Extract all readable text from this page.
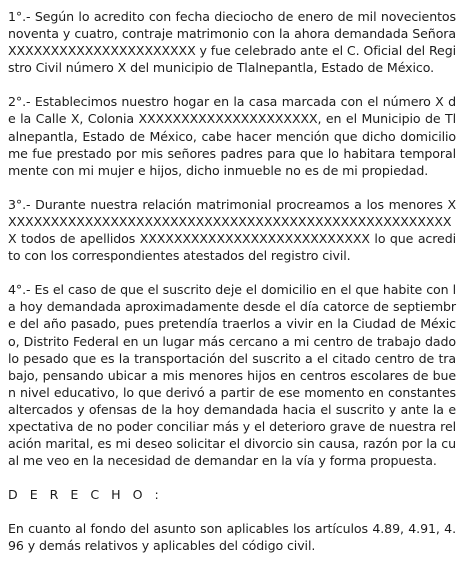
1°.- Según lo acredito con fecha dieciocho de enero de mil novecientos noventa y cuatro, contraje matrimonio con la ahora demandada Señora XXXXXXXXXXXXXXXXXXXXXX y fue celebrado ante el C. Oficial del Registro Civil número X del municipio de Tlalnepantla, Estado de México.

2°.- Establecimos nuestro hogar en la casa marcada con el número X de la Calle X, Colonia XXXXXXXXXXXXXXXXXXXXX, en el Municipio de Tlalnepantla, Estado de México, cabe hacer mención que dicho domicilio me fue prestado por mis señores padres para que lo habitara temporalmente con mi mujer e hijos, dicho inmueble no es de mi propiedad.

3°.- Durante nuestra relación matrimonial procreamos a los menores XXXXXXXXXXXXXXXXXXXXXXXXXXXXXXXXXXXXXXXXXXXXXXXXXXXXXX todos de apellidos XXXXXXXXXXXXXXXXXXXXXXXXXXX lo que acredito con los correspondientes atestados del registro civil.

4°.- Es el caso de que el suscrito deje el domicilio en el que habite con la hoy demandada aproximadamente desde el día catorce de septiembre del año pasado, pues pretendía traerlos a vivir en la Ciudad de México, Distrito Federal en un lugar más cercano a mi centro de trabajo dado lo pesado que es la transportación del suscrito a el citado centro de trabajo, pensando ubicar a mis menores hijos en centros escolares de buen nivel educativo, lo que derivó a partir de ese momento en constantes altercados y ofensas de la hoy demandada hacia el suscrito y ante la expectativa de no poder conciliar más y el deterioro grave de nuestra relación marital, es mi deseo solicitar el divorcio sin causa, razón por la cual me veo en la necesidad de demandar en la vía y forma propuesta.

D E R E C H O :

En cuanto al fondo del asunto son aplicables los artículos 4.89, 4.91, 4.96 y demás relativos y aplicables del código civil.
